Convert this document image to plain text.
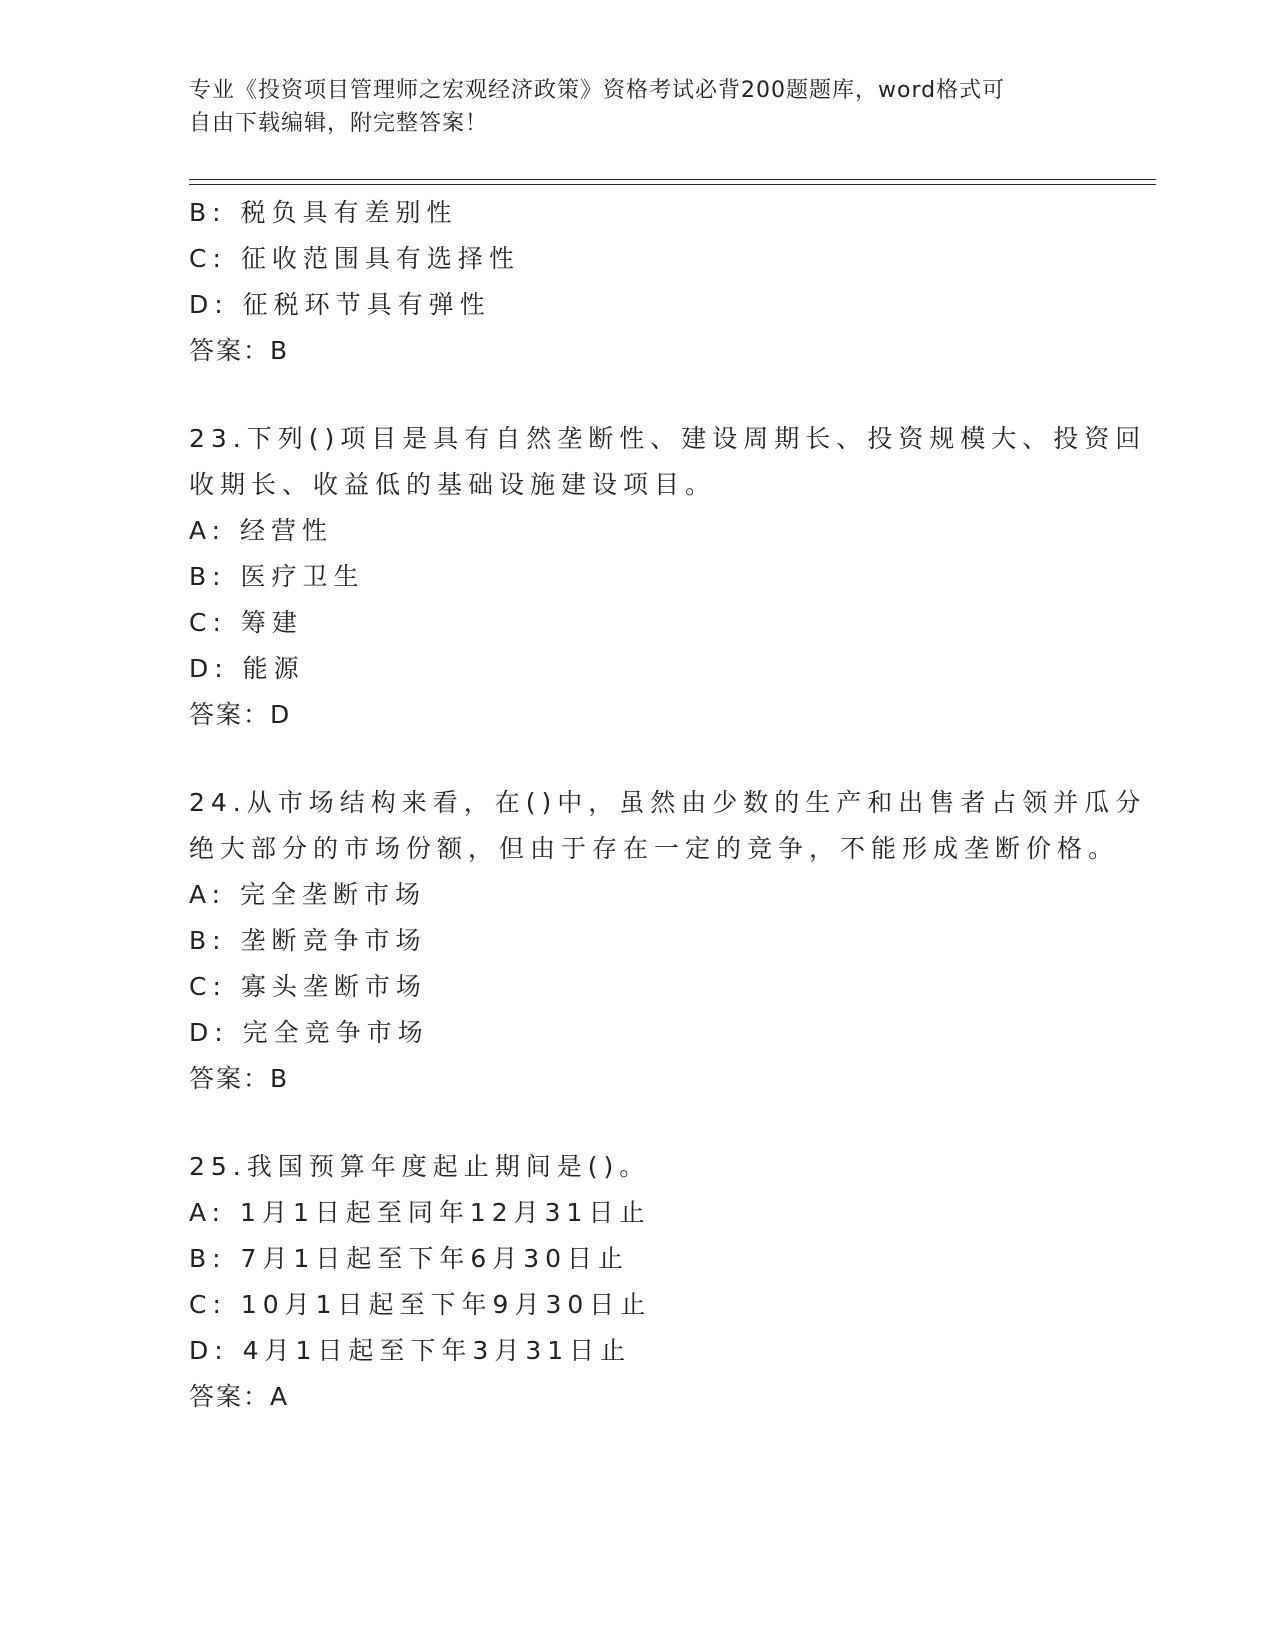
专业《投资项目管理师之宏观经济政策》资格考试必背200题题库，word格式可
自由下载编辑，附完整答案！
B: 税负具有差别性
C: 征收范围具有选择性
D: 征税环节具有弹性
答案：B
23.下列()项目是具有自然垄断性、建设周期长、投资规模大、投资回
收期长、收益低的基础设施建设项目。
A: 经营性
B: 医疗卫生
C: 筹建
D: 能源
答案：D
24.从市场结构来看，在()中，虽然由少数的生产和出售者占领并瓜分
绝大部分的市场份额，但由于存在一定的竞争，不能形成垄断价格。
A: 完全垄断市场
B: 垄断竞争市场
C: 寡头垄断市场
D: 完全竞争市场
答案：B
25.我国预算年度起止期间是()。
A: 1月1日起至同年12月31日止
B: 7月1日起至下年6月30日止
C: 10月1日起至下年9月30日止
D: 4月1日起至下年3月31日止
答案：A
